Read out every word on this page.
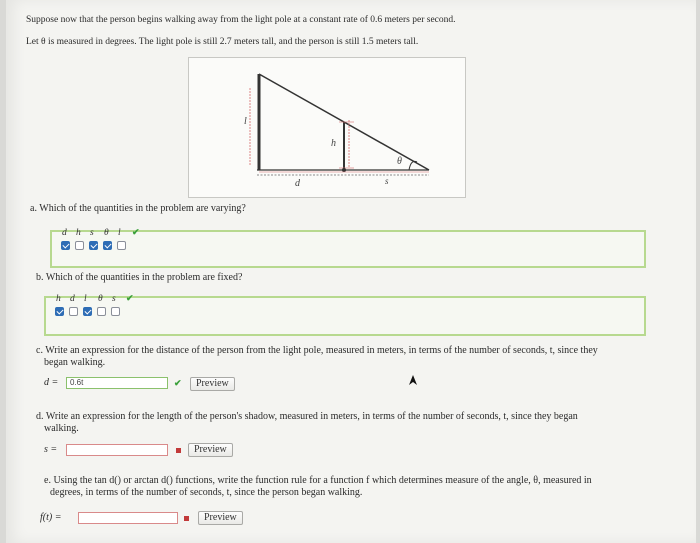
Suppose now that the person begins walking away from the light pole at a constant rate of 0.6 meters per second.
Let θ is measured in degrees. The light pole is still 2.7 meters tall, and the person is still 1.5 meters tall.
l
h
θ
d	s
a. Which of the quantities in the problem are varying?
d h s θ l ✔
b. Which of the quantities in the problem are fixed?
h d l θ s ✔
c. Write an expression for the distance of the person from the light pole, measured in meters, in terms of the number of seconds, t, since they
began walking.
d =	0.6t	✔	Preview
d. Write an expression for the length of the person's shadow, measured in meters, in terms of the number of seconds, t, since they began
walking.
s =	Preview
e. Using the tan d() or arctan d() functions, write the function rule for a function f which determines measure of the angle, θ, measured in
degrees, in terms of the number of seconds, t, since the person began walking.
f(t) =	Preview
